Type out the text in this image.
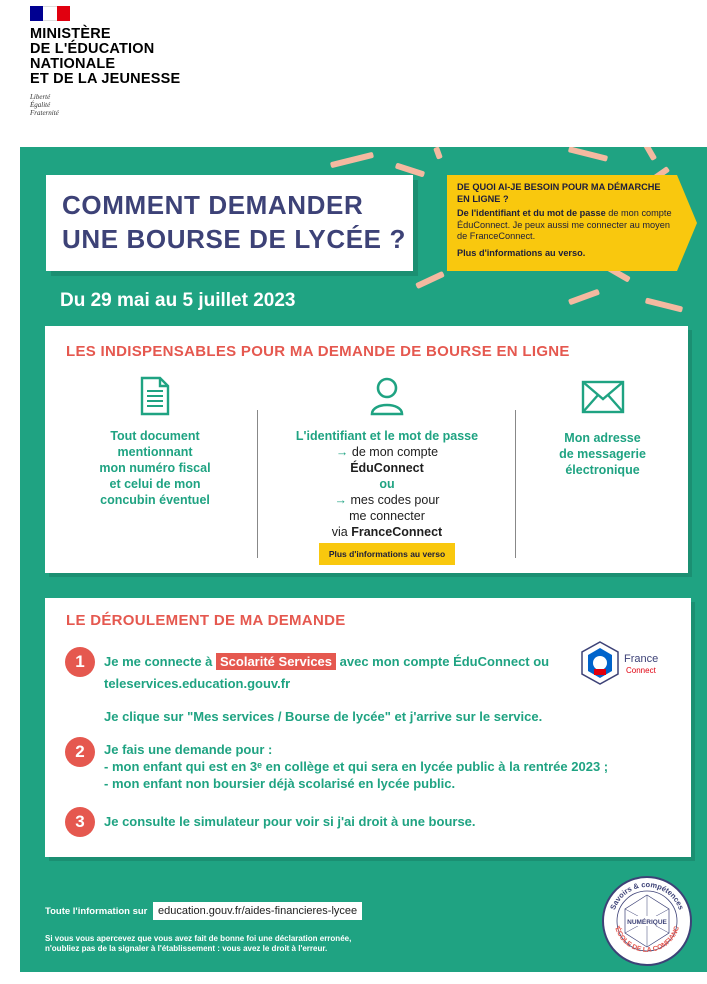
MINISTÈRE
DE L'ÉDUCATION
NATIONALE
ET DE LA JEUNESSE
Liberté
Égalité
Fraternité
COMMENT DEMANDER
UNE BOURSE DE LYCÉE ?
DE QUOI AI-JE BESOIN POUR MA DÉMARCHE EN LIGNE ?
De l'identifiant et du mot de passe de mon compte ÉduConnect. Je peux aussi me connecter au moyen de FranceConnect.
Plus d'informations au verso.
Du 29 mai au 5 juillet 2023
LES INDISPENSABLES POUR MA DEMANDE DE BOURSE EN LIGNE
Tout document
mentionnant
mon numéro fiscal
et celui de mon
concubin éventuel
L'identifiant et le mot de passe
→ de mon compte
ÉduConnect
ou
→ mes codes pour
me connecter
via FranceConnect
Plus d'informations au verso
Mon adresse
de messagerie
électronique
LE DÉROULEMENT DE MA DEMANDE
1	Je me connecte à Scolarité Services avec mon compte ÉduConnect ou
teleservices.education.gouv.fr
Je clique sur "Mes services / Bourse de lycée" et j'arrive sur le service.
France
Connect
2	Je fais une demande pour :
- mon enfant qui est en 3ᵉ en collège et qui sera en lycée public à la rentrée 2023 ;
- mon enfant non boursier déjà scolarisé en lycée public.
3	Je consulte le simulateur pour voir si j'ai droit à une bourse.
Toute l'information sur education.gouv.fr/aides-financieres-lycee
Si vous vous apercevez que vous avez fait de bonne foi une déclaration erronée,
n'oubliez pas de la signaler à l'établissement : vous avez le droit à l'erreur.
NUMÉRIQUE
Savoirs & compétences
'ÉCOLE DE LA CONFIANC
